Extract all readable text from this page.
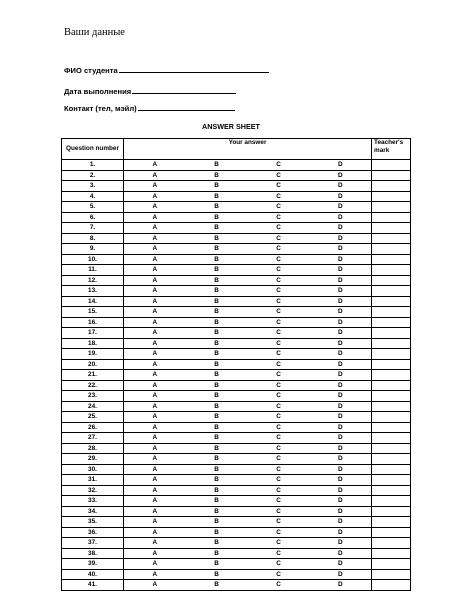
Ваши данные
ФИО студента
Дата выполнения
Контакт (тел, мэйл)
ANSWER SHEET
Question number	Your answer				Teacher's mark
1.	A	B	C	D	
2.	A	B	C	D	
3.	A	B	C	D	
4.	A	B	C	D	
5.	A	B	C	D	
6.	A	B	C	D	
7.	A	B	C	D	
8.	A	B	C	D	
9.	A	B	C	D	
10.	A	B	C	D	
11.	A	B	C	D	
12.	A	B	C	D	
13.	A	B	C	D	
14.	A	B	C	D	
15.	A	B	C	D	
16.	A	B	C	D	
17.	A	B	C	D	
18.	A	B	C	D	
19.	A	B	C	D	
20.	A	B	C	D	
21.	A	B	C	D	
22.	A	B	C	D	
23.	A	B	C	D	
24.	A	B	C	D	
25.	A	B	C	D	
26.	A	B	C	D	
27.	A	B	C	D	
28.	A	B	C	D	
29.	A	B	C	D	
30.	A	B	C	D	
31.	A	B	C	D	
32.	A	B	C	D	
33.	A	B	C	D	
34.	A	B	C	D	
35.	A	B	C	D	
36.	A	B	C	D	
37.	A	B	C	D	
38.	A	B	C	D	
39.	A	B	C	D	
40.	A	B	C	D	
41.	A	B	C	D	
